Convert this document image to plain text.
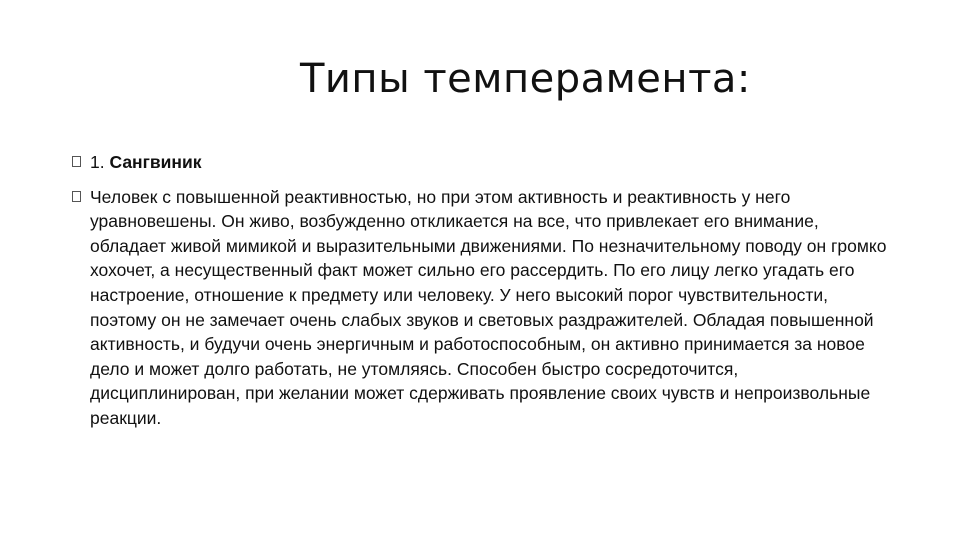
Типы темперамента:
1. Сангвиник
Человек с повышенной реактивностью, но при этом активность и реактивность у него уравновешены. Он живо, возбужденно откликается на все, что привлекает его внимание, обладает живой мимикой и выразительными движениями. По незначительному поводу он громко хохочет, а несущественный факт может сильно его рассердить. По его лицу легко угадать его настроение, отношение к предмету или человеку. У него высокий порог чувствительности, поэтому он не замечает очень слабых звуков и световых раздражителей. Обладая повышенной активность, и будучи очень энергичным и работоспособным, он активно принимается за новое дело и может долго работать, не утомляясь. Способен быстро сосредоточится, дисциплинирован, при желании может сдерживать проявление своих чувств и непроизвольные реакции.
